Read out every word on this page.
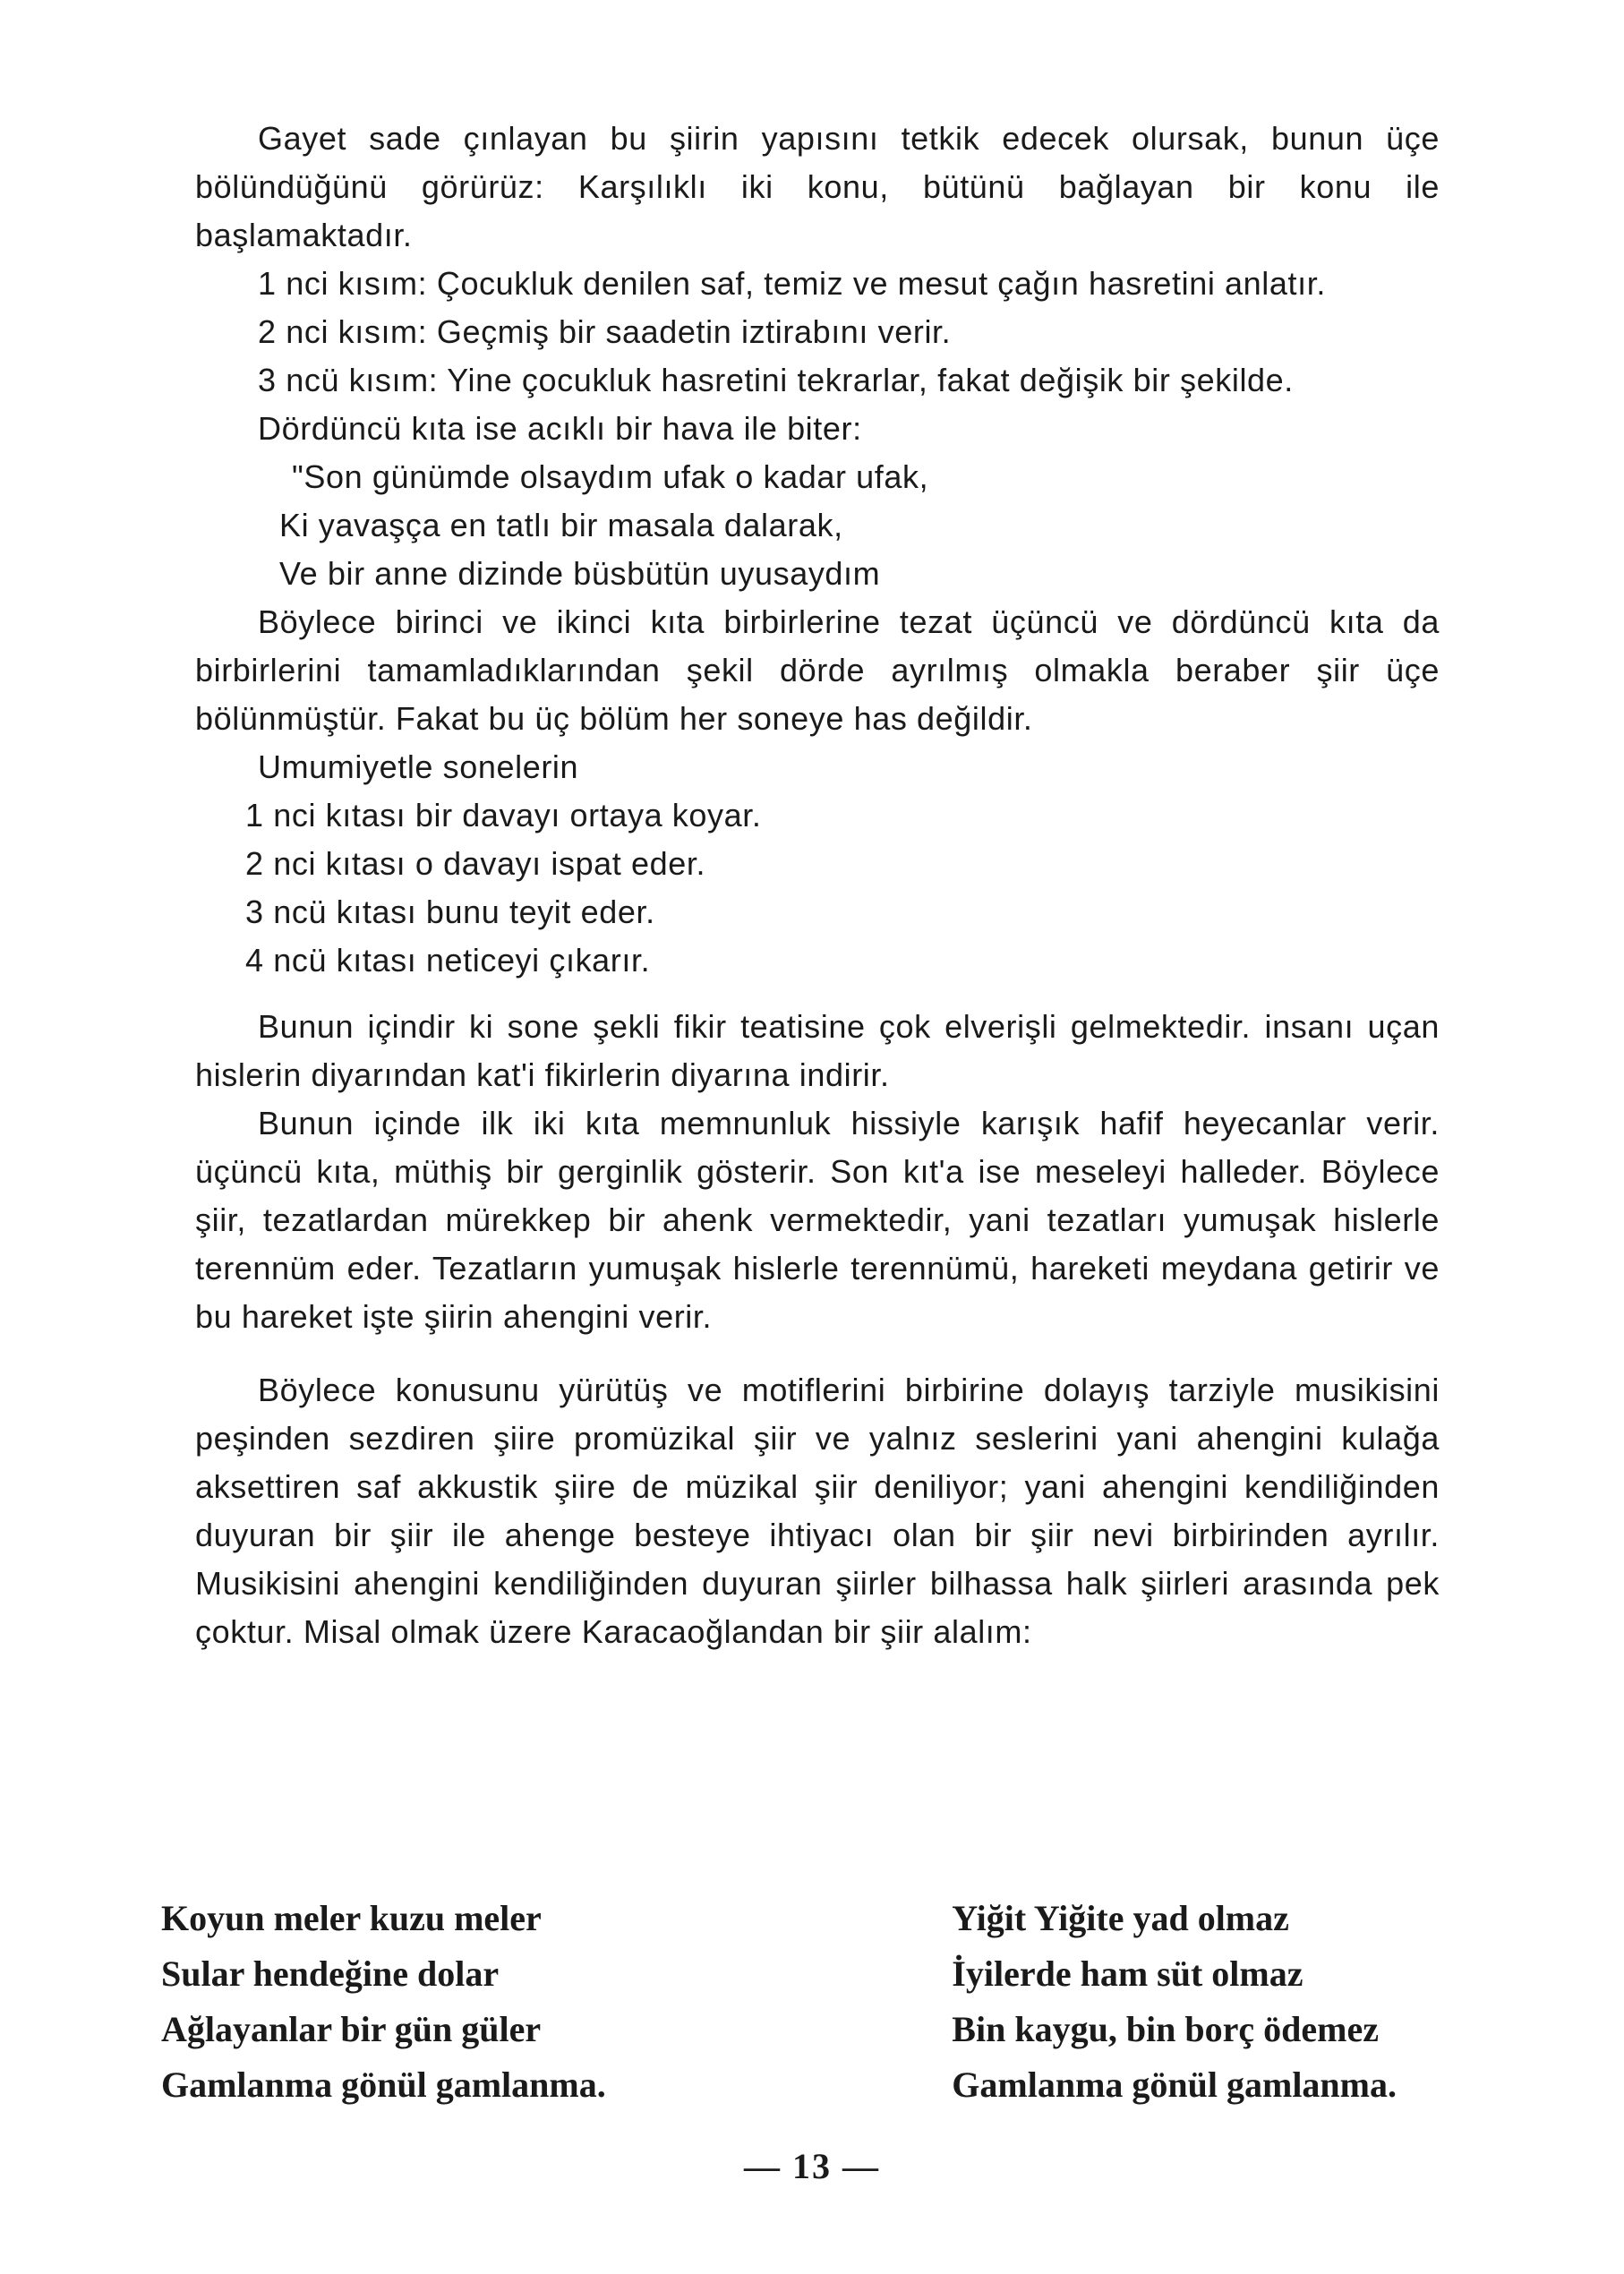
Gayet sade çınlayan bu şiirin yapısını tetkik edecek olursak, bunun üçe bölündüğünü görürüz: Karşılıklı iki konu, bütünü bağlayan bir konu ile başlamaktadır.

1 nci kısım: Çocukluk denilen saf, temiz ve mesut çağın hasretini anlatır.

2 nci kısım: Geçmiş bir saadetin iztirabını verir.

3 ncü kısım: Yine çocukluk hasretini tekrarlar, fakat değişik bir şekilde.

Dördüncü kıta ise acıklı bir hava ile biter:

"Son günümde olsaydım ufak o kadar ufak,

Ki yavaşça en tatlı bir masala dalarak,

Ve bir anne dizinde büsbütün uyusaydım

Böylece birinci ve ikinci kıta birbirlerine tezat üçüncü ve dördüncü kıta da birbirlerini tamamladıklarından şekil dörde ayrılmış olmakla beraber şiir üçe bölünmüştür. Fakat bu üç bölüm her soneye has değildir.

Umumiyetle sonelerin

1 nci kıtası bir davayı ortaya koyar.

2 nci kıtası o davayı ispat eder.

3 ncü kıtası bunu teyit eder.

4 ncü kıtası neticeyi çıkarır.

Bunun içindir ki sone şekli fikir teatisine çok elverişli gelmektedir. insanı uçan hislerin diyarından kat'i fikirlerin diyarına indirir.

Bunun içinde ilk iki kıta memnunluk hissiyle karışık hafif heyecanlar verir. üçüncü kıta, müthiş bir gerginlik gösterir. Son kıt'a ise meseleyi halleder. Böylece şiir, tezatlardan mürekkep bir ahenk vermektedir, yani tezatları yumuşak hislerle terennüm eder. Tezatların yumuşak hislerle terennümü, hareketi meydana getirir ve bu hareket işte şiirin ahengini verir.

Böylece konusunu yürütüş ve motiflerini birbirine dolayış tarziyle musikisini peşinden sezdiren şiire promüzikal şiir ve yalnız seslerini yani ahengini kulağa aksettiren saf akkustik şiire de müzikal şiir deniliyor; yani ahengini kendiliğinden duyuran bir şiir ile ahenge besteye ihtiyacı olan bir şiir nevi birbirinden ayrılır. Musikisini ahengini kendiliğinden duyuran şiirler bilhassa halk şiirleri arasında pek çoktur. Misal olmak üzere Karacaoğlandan bir şiir alalım:

Koyun meler kuzu meler
Sular hendeğine dolar
Ağlayanlar bir gün güler
Gamlanma gönül gamlanma.
Yiğit Yiğite yad olmaz
İyilerde ham süt olmaz
Bin kaygu, bin borç ödemez
Gamlanma gönül gamlanma.
— 13 —
